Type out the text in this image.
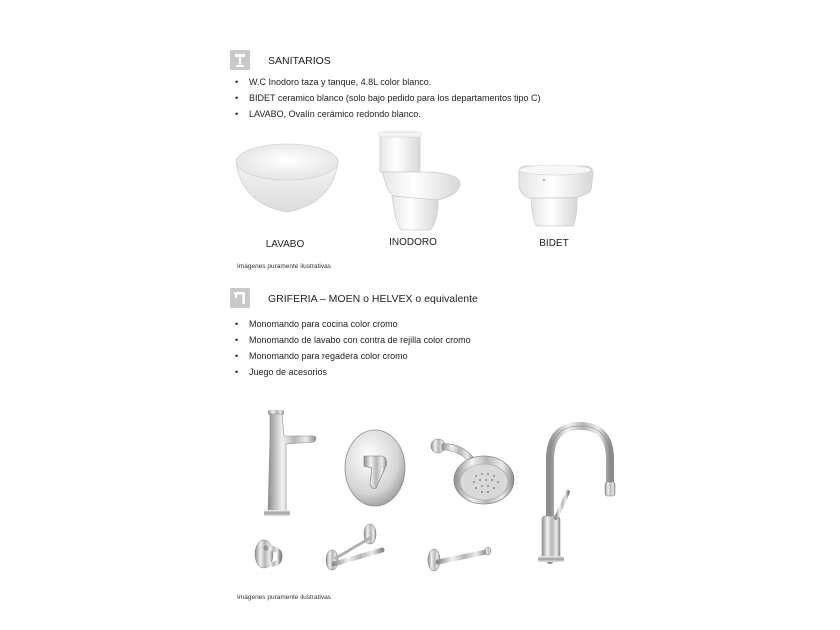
SANITARIOS
• W.C Inodoro taza y tanque, 4.8L color blanco.
• BIDET ceramico blanco (solo bajo pedido para los departamentos tipo C)
• LAVABO, Ovalín cerámico redondo blanco.
LAVABO	INODORO	BIDET
Imágenes puramente ilustrativas
GRIFERIA – MOEN o HELVEX o equivalente
• Monomando para cocina color cromo
• Monomando de lavabo con contra de rejilla color cromo
• Monomando para regadera color cromo
• Juego de acesorios
Imágenes puramente ilustrativas
